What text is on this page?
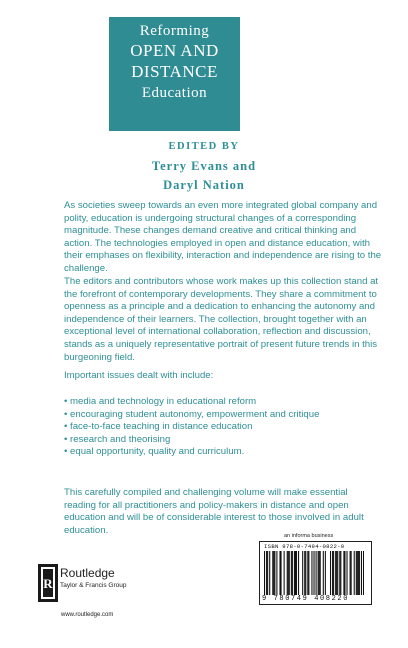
Reforming
OPEN AND
DISTANCE
Education
EDITED BY
Terry Evans and
Daryl Nation

As societies sweep towards an even more integrated global company and polity, education is undergoing structural changes of a corresponding magnitude. These changes demand creative and critical thinking and action. The technologies employed in open and distance education, with their emphases on flexibility, interaction and independence are rising to the challenge.

The editors and contributors whose work makes up this collection stand at the forefront of contemporary developments. They share a commitment to openness as a principle and a dedication to enhancing the autonomy and independence of their learners. The collection, brought together with an exceptional level of international collaboration, reflection and discussion, stands as a uniquely representative portrait of present future trends in this burgeoning field.

Important issues dealt with include:

• media and technology in educational reform
• encouraging student autonomy, empowerment and critique
• face-to-face teaching in distance education
• research and theorising
• equal opportunity, quality and curriculum.

This carefully compiled and challenging volume will make essential reading for all practitioners and policy-makers in distance and open education and will be of considerable interest to those involved in adult education.

an informa business
ISBN 978-0-7494-0822-0
9 780749 408220
R
Routledge
Taylor & Francis Group
www.routledge.com
